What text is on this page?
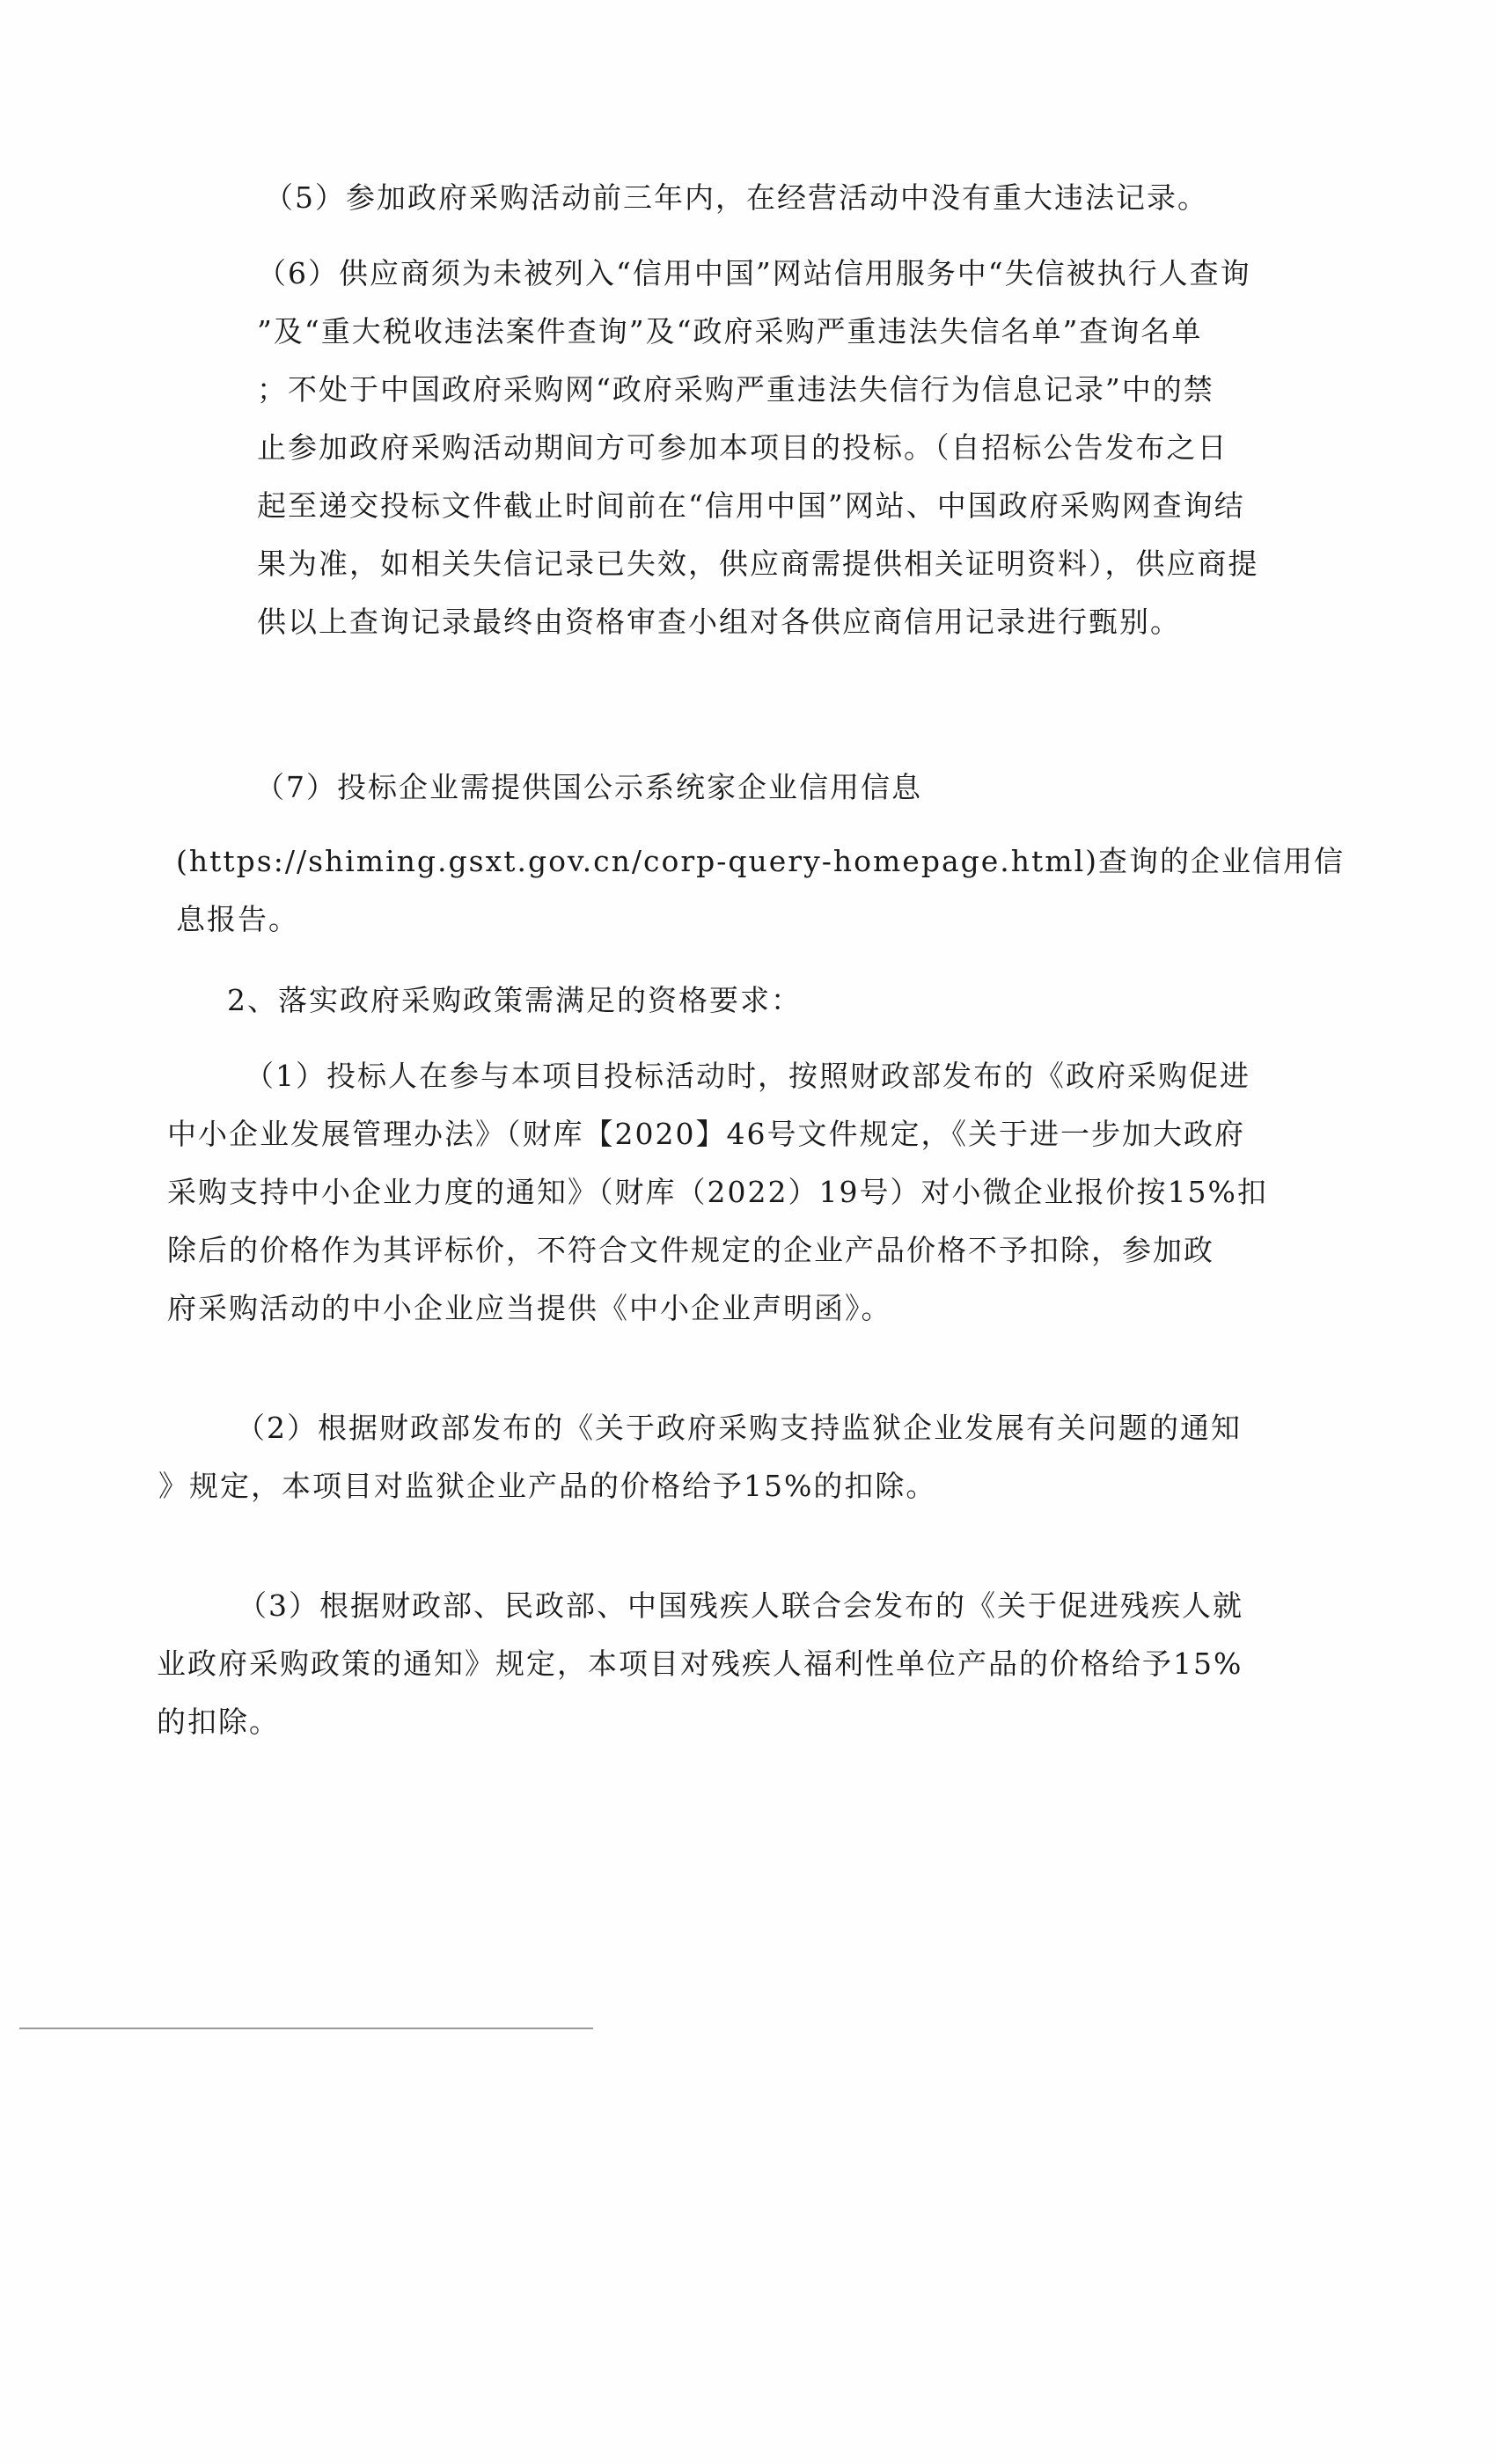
（5）参加政府采购活动前三年内，在经营活动中没有重大违法记录。
（6）供应商须为未被列入“信用中国”网站信用服务中“失信被执行人查询
”及“重大税收违法案件查询”及“政府采购严重违法失信名单”查询名单
；不处于中国政府采购网“政府采购严重违法失信行为信息记录”中的禁
止参加政府采购活动期间方可参加本项目的投标。（自招标公告发布之日
起至递交投标文件截止时间前在“信用中国”网站、中国政府采购网查询结
果为准，如相关失信记录已失效，供应商需提供相关证明资料），供应商提
供以上查询记录最终由资格审查小组对各供应商信用记录进行甄别。
（7）投标企业需提供国公示系统家企业信用信息
(https://shiming.gsxt.gov.cn/corp-query-homepage.html)查询的企业信用信
息报告。
2、落实政府采购政策需满足的资格要求：
（1）投标人在参与本项目投标活动时，按照财政部发布的《政府采购促进
中小企业发展管理办法》（财库【2020】46号文件规定，《关于进一步加大政府
采购支持中小企业力度的通知》（财库（2022）19号）对小微企业报价按15%扣
除后的价格作为其评标价，不符合文件规定的企业产品价格不予扣除，参加政
府采购活动的中小企业应当提供《中小企业声明函》。
（2）根据财政部发布的《关于政府采购支持监狱企业发展有关问题的通知
》规定，本项目对监狱企业产品的价格给予15%的扣除。
（3）根据财政部、民政部、中国残疾人联合会发布的《关于促进残疾人就
业政府采购政策的通知》规定，本项目对残疾人福利性单位产品的价格给予15%
的扣除。
